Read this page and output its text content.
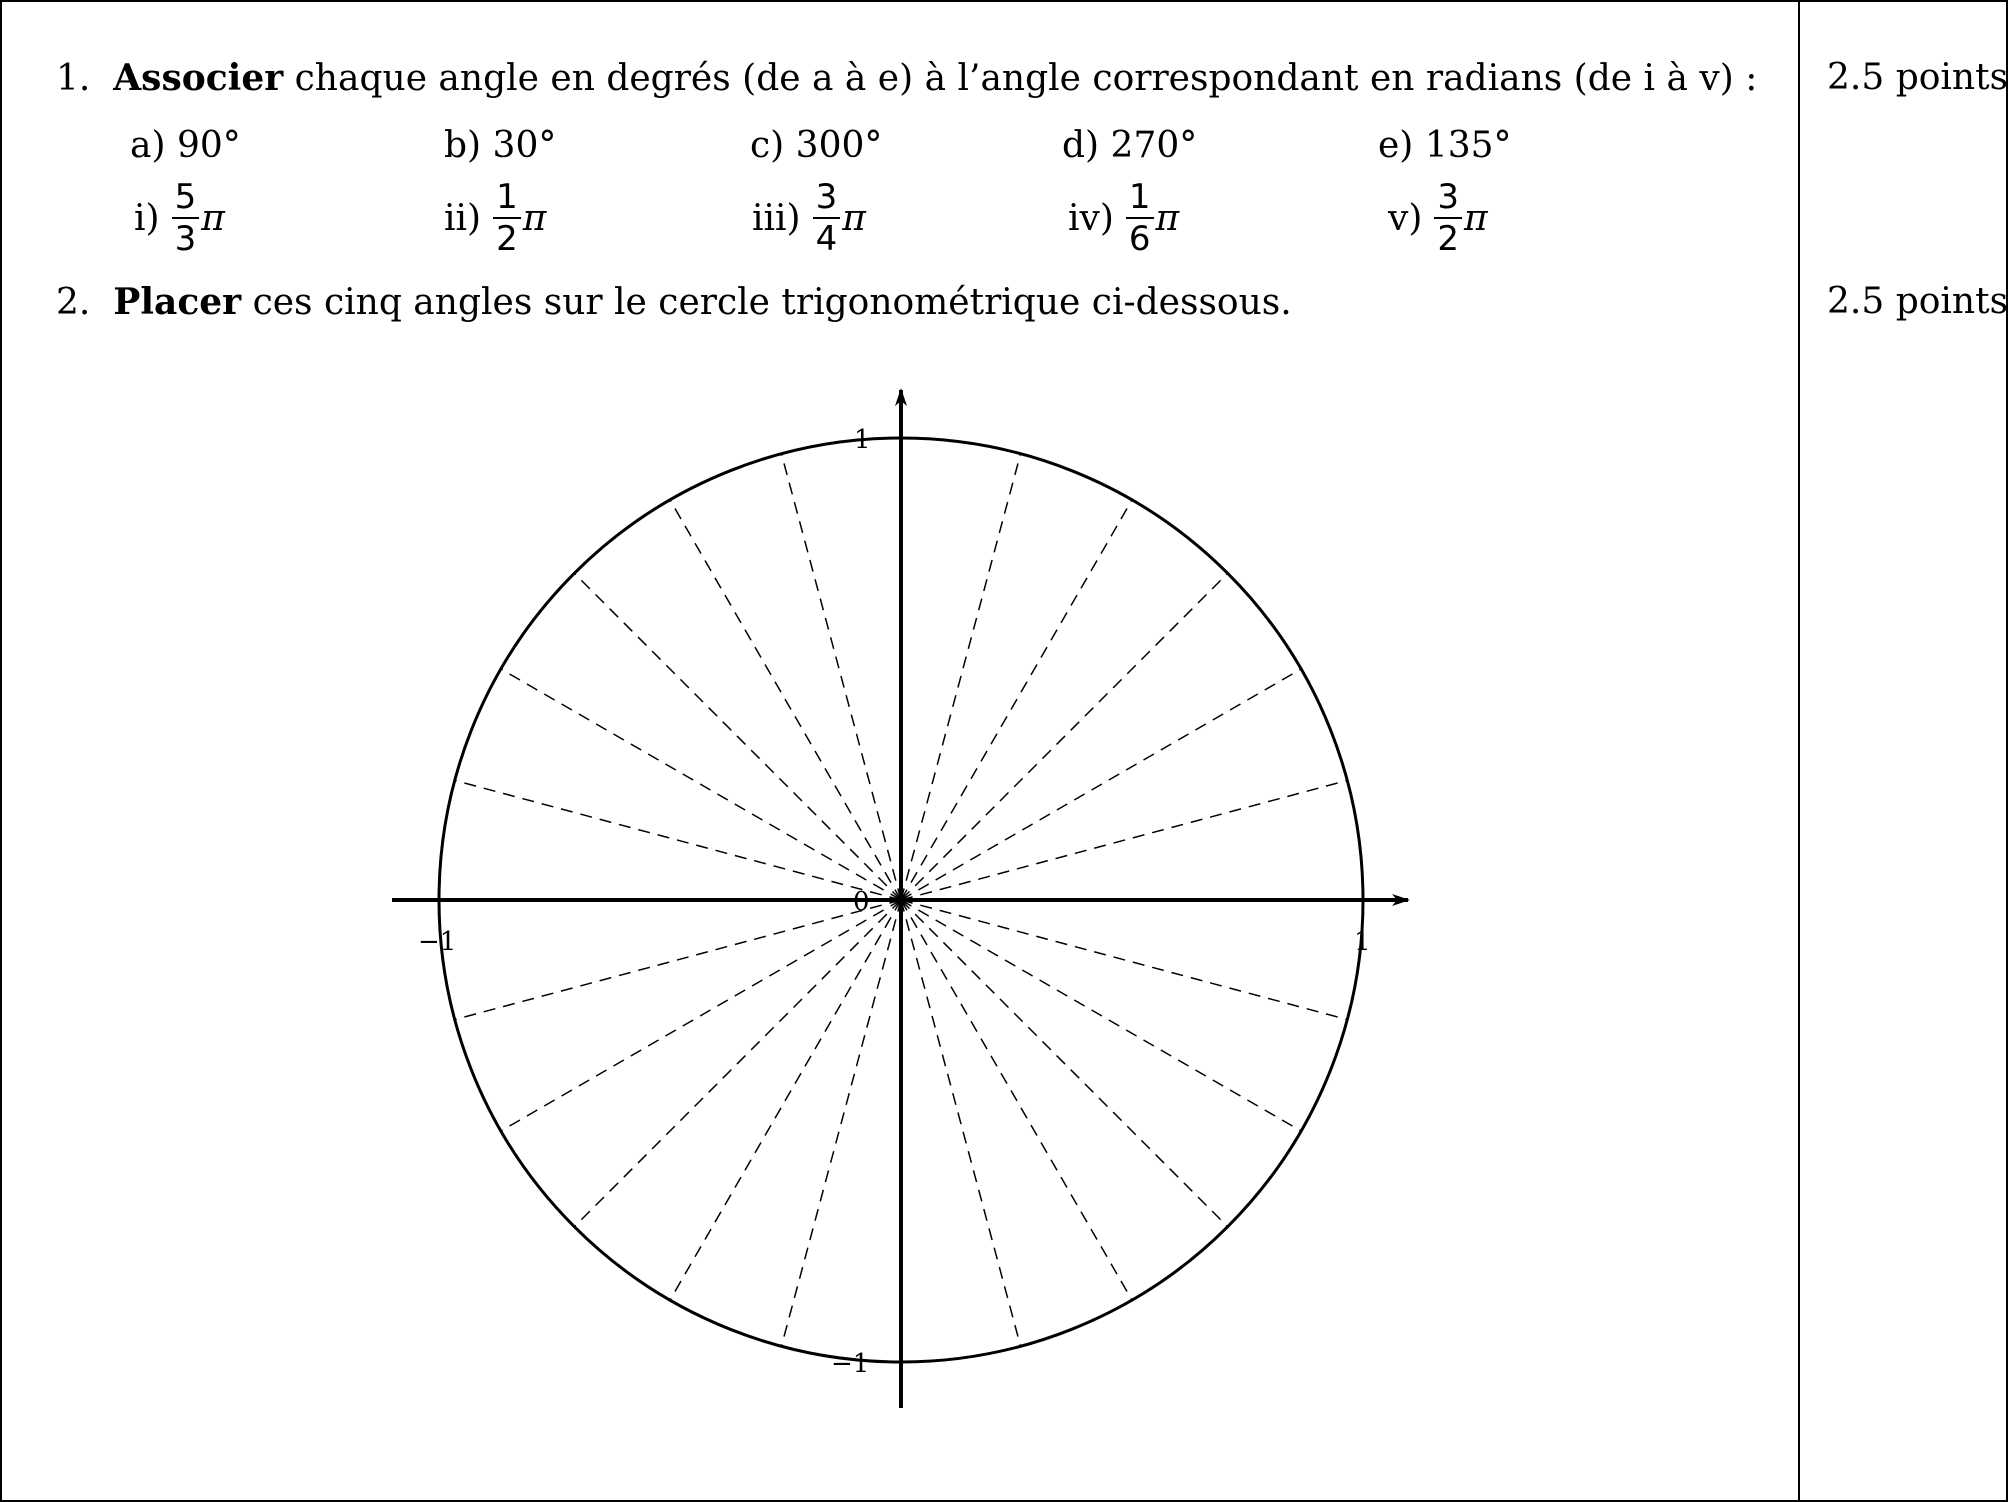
1. Associer chaque angle en degrés (de a à e) à l’angle correspondant en radians (de i à v) : 2.5 points
a) 90°	b) 30°	c) 300°	d) 270°	e) 135°
$i) \frac{5}{3}$ π	$ii) \frac{1}{2}$ π	$iii) \frac{3}{4}$ π	$iv) \frac{1}{6}$ π	$v) \frac{3}{2}$ π
2. Placer ces cinq angles sur le cercle trigonométrique ci-dessous.	2.5 points
0
1
−1
1
−1
